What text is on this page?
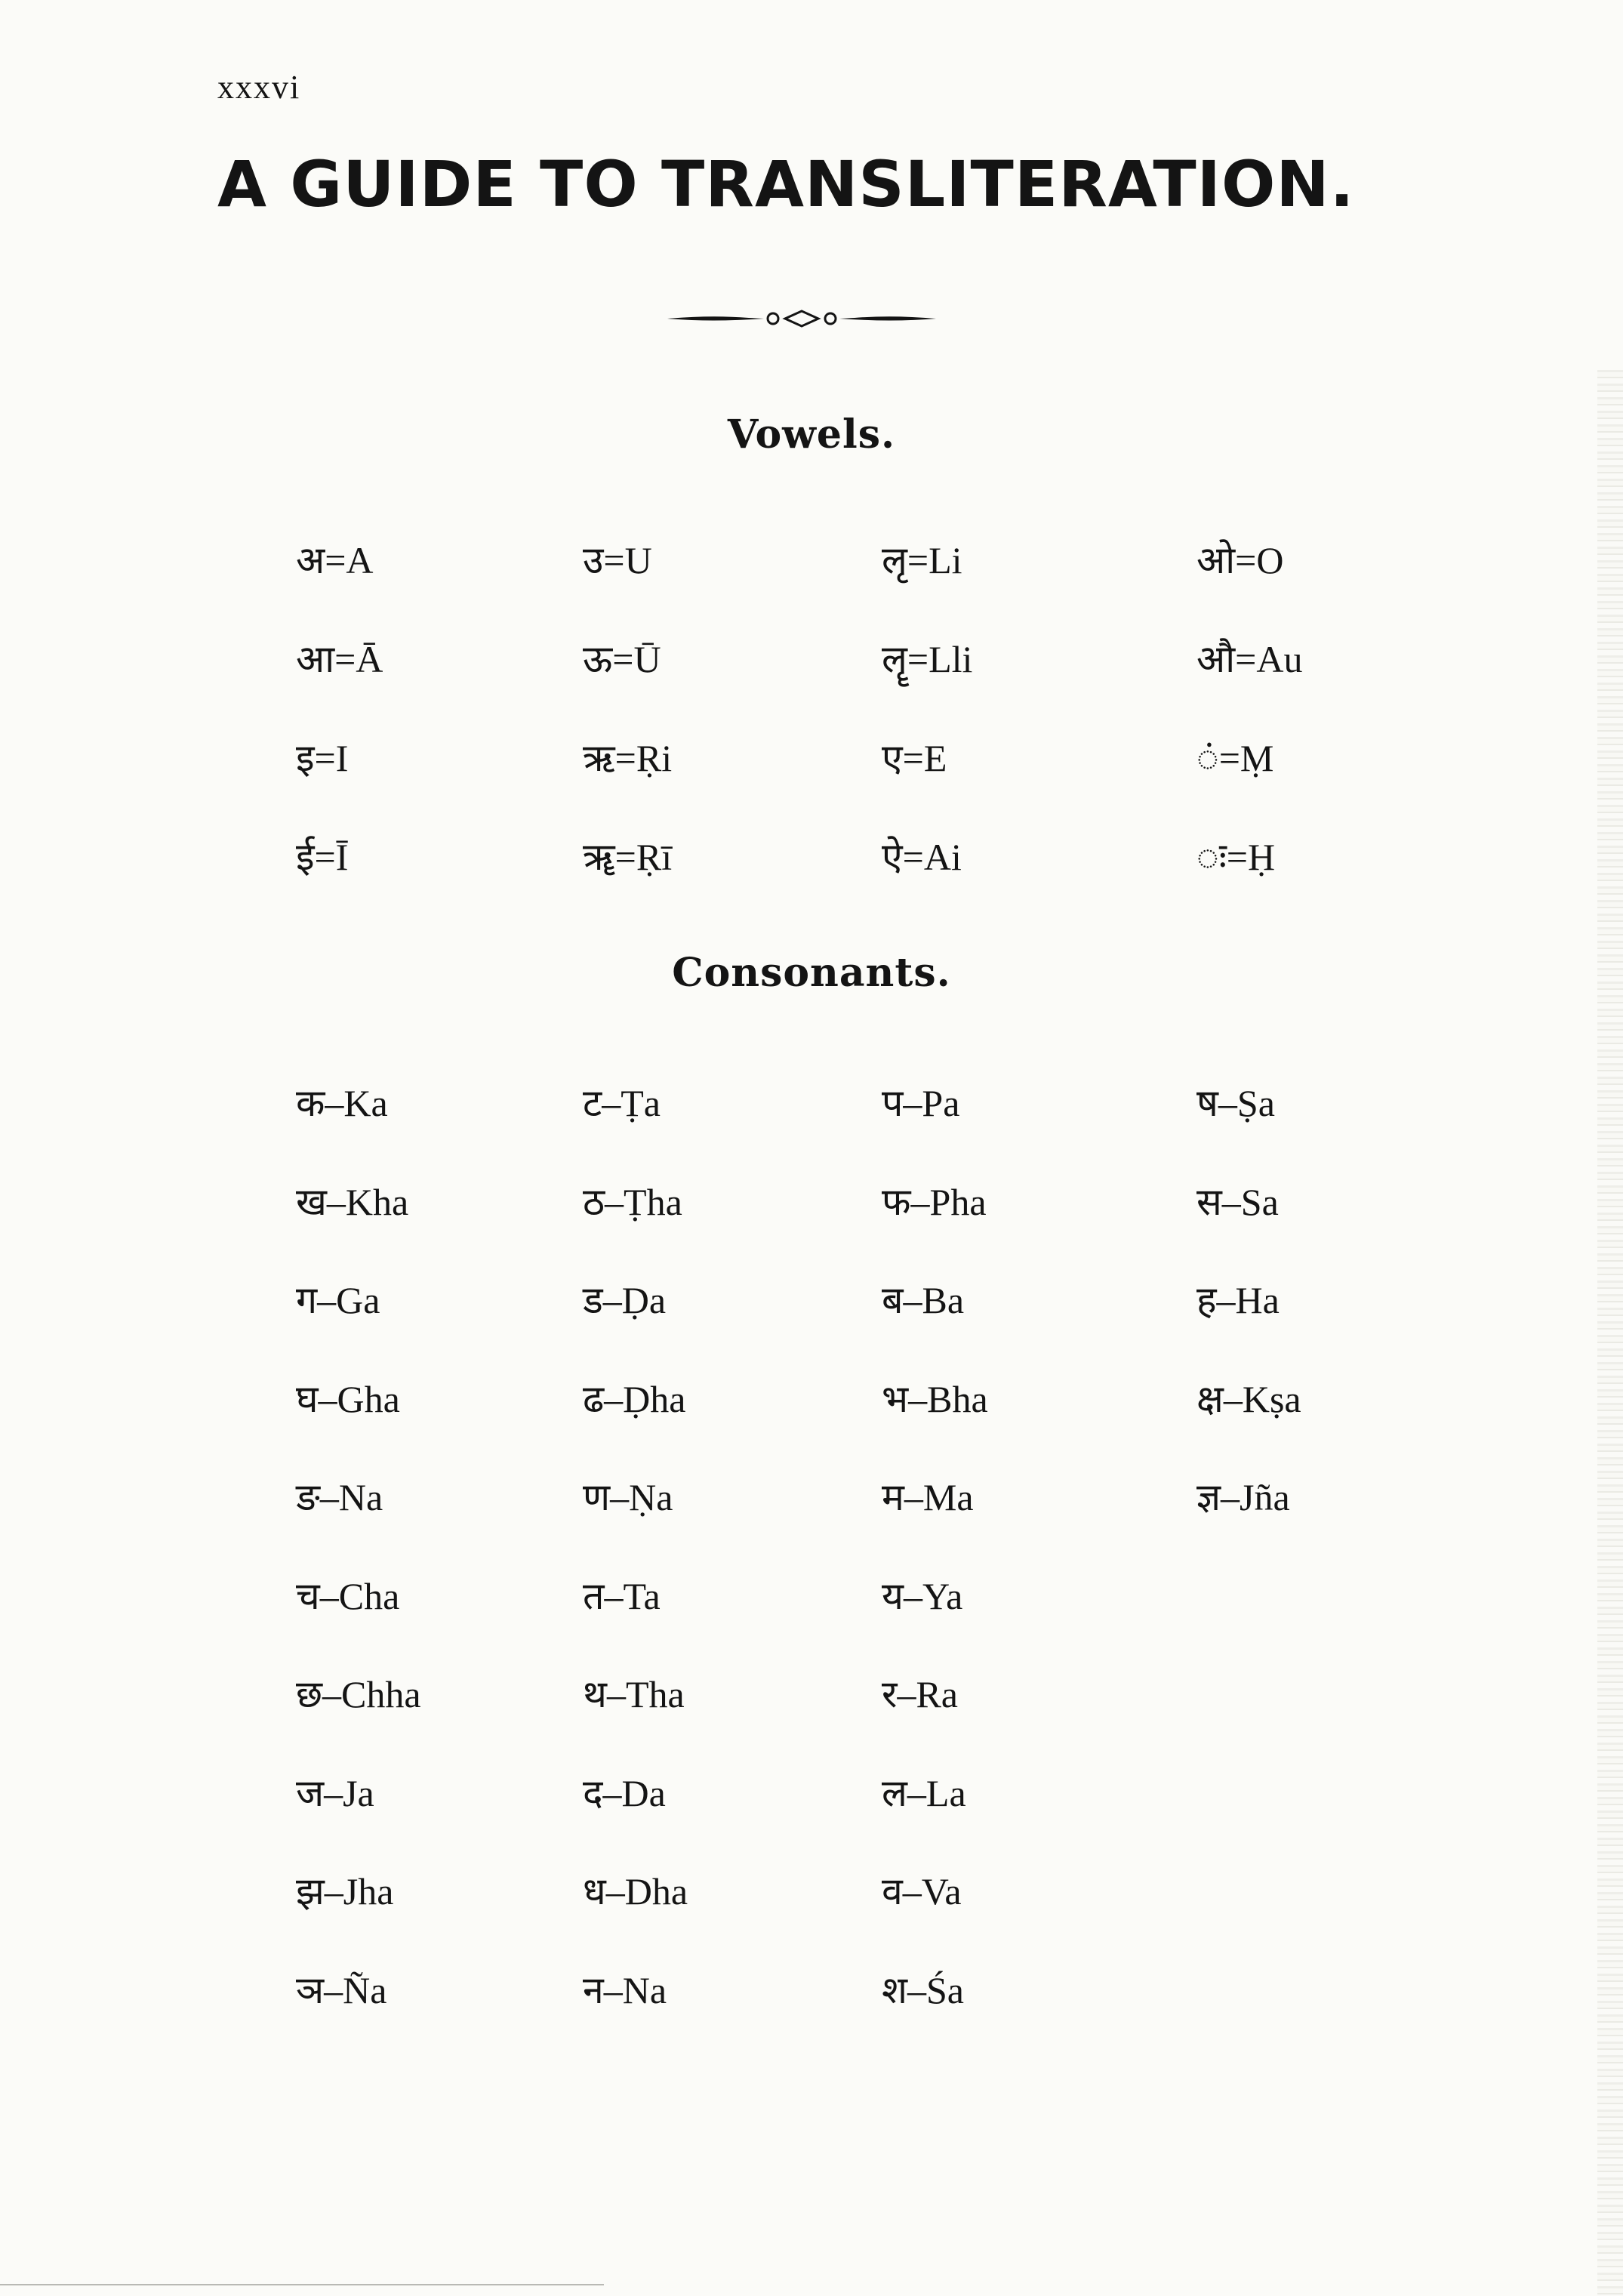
xxxvi
A GUIDE TO TRANSLITERATION.
Vowels.
अ=A	उ=U	लृ=Li	ओ=O
आ=Ā	ऊ=Ū	लॄ=Lli	औ=Au
इ=I	ऋ=Ṛi	ए=E	ं=Ṃ
ई=Ī	ॠ=Ṛī	ऐ=Ai	ः=Ḥ
Consonants.
क–Ka	ट–Ṭa	प–Pa	ष–Ṣa
ख–Kha	ठ–Ṭha	फ–Pha	स–Sa
ग–Ga	ड–Ḍa	ब–Ba	ह–Ha
घ–Gha	ढ–Ḍha	भ–Bha	क्ष–Kṣa
ङ–Na	ण–Ṇa	म–Ma	ज्ञ–Jña
च–Cha	त–Ta	य–Ya
छ–Chha	थ–Tha	र–Ra
ज–Ja	द–Da	ल–La
झ–Jha	ध–Dha	व–Va
ञ–Ña	न–Na	श–Śa
